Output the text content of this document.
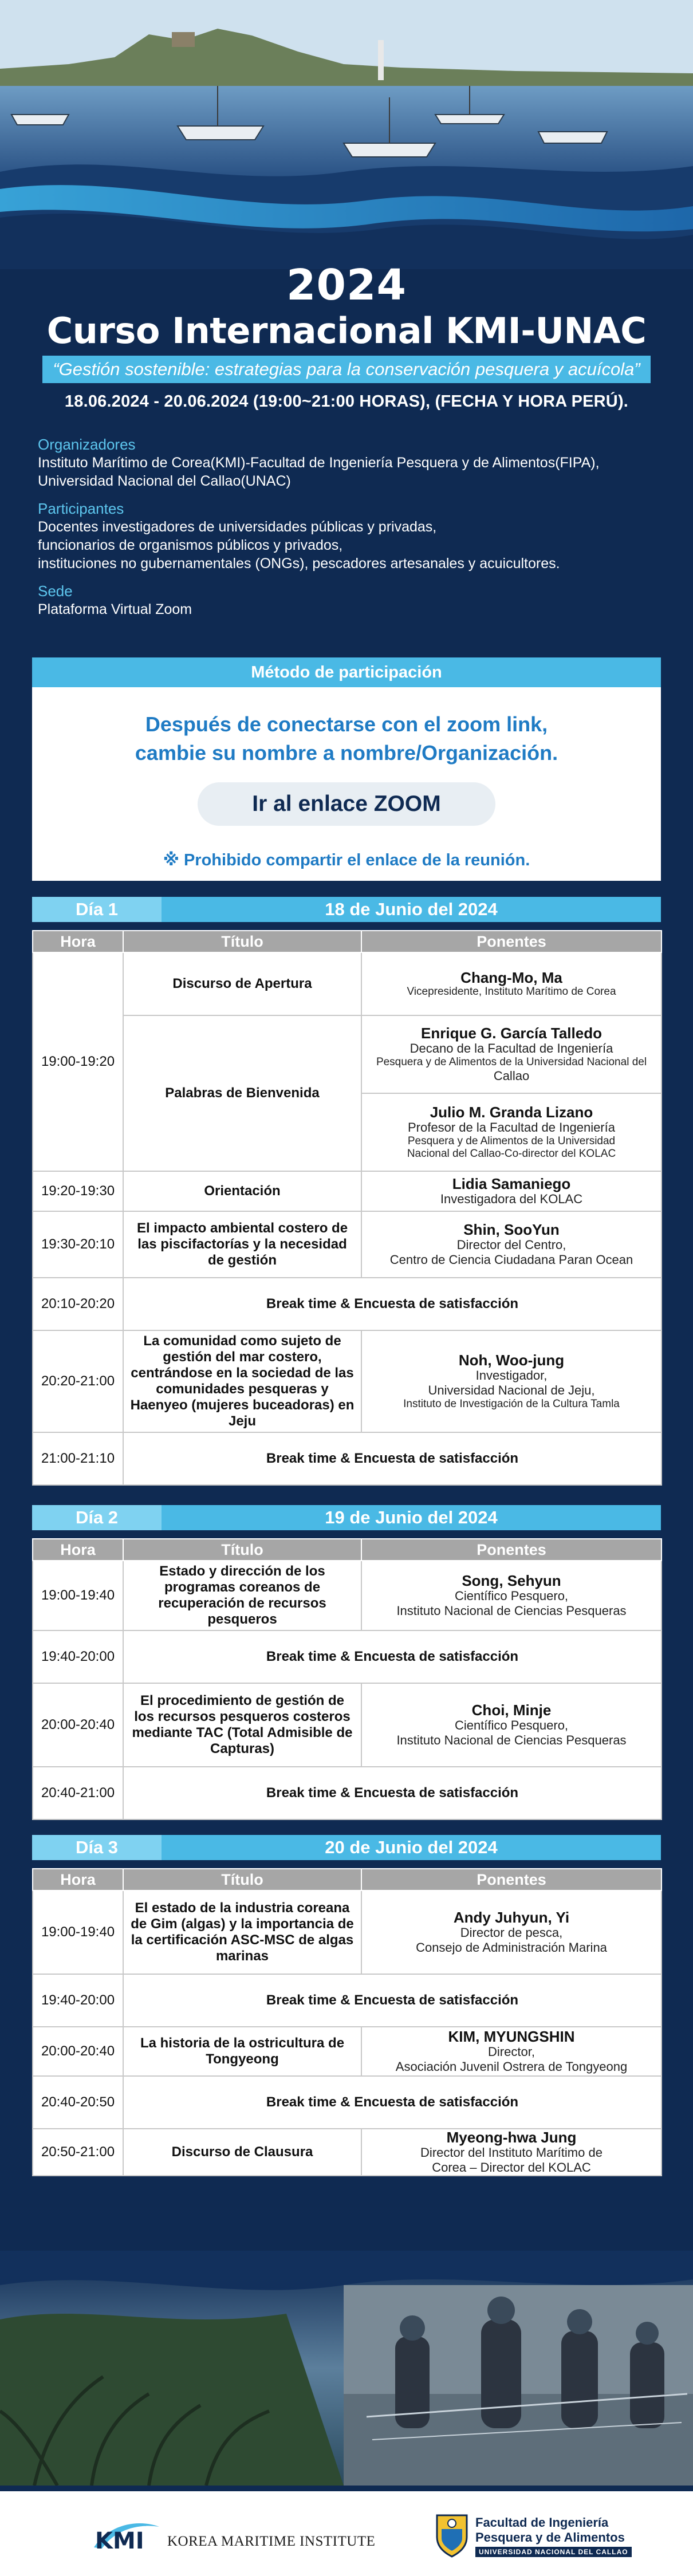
2024
Curso Internacional KMI-UNAC
“Gestión sostenible: estrategias para la conservación pesquera y acuícola”
18.06.2024 - 20.06.2024 (19:00~21:00 HORAS), (FECHA Y HORA PERÚ).
Organizadores
Instituto Marítimo de Corea(KMI)-Facultad de Ingeniería Pesquera y de Alimentos(FIPA),
Universidad Nacional del Callao(UNAC)
Participantes
Docentes investigadores de universidades públicas y privadas,
funcionarios de organismos públicos y privados,
instituciones no gubernamentales (ONGs), pescadores artesanales y acuicultores.
Sede
Plataforma Virtual Zoom
Método de participación
Después de conectarse con el zoom link,
cambie su nombre a nombre/Organización.
Ir al enlace ZOOM
※ Prohibido compartir el enlace de la reunión.
Día 1	18 de Junio del 2024
Hora	Título	Ponentes
19:00-19:20	Discurso de Apertura	Chang-Mo, Ma
Vicepresidente, Instituto Marítimo de Corea

	Palabras de Bienvenida	Enrique G. García Talledo
Decano de la Facultad de Ingeniería
Pesquera y de Alimentos de la Universidad Nacional del
Callao

		Julio M. Granda Lizano
Profesor de la Facultad de Ingeniería
Pesquera y de Alimentos de la Universidad
Nacional del Callao-Co-director del KOLAC

19:20-19:30	Orientación	Lidia Samaniego
Investigadora del KOLAC

19:30-20:10	El impacto ambiental costero de las piscifactorías y la necesidad de gestión	Shin, SooYun
Director del Centro,
Centro de Ciencia Ciudadana Paran Ocean

20:10-20:20	Break time & Encuesta de satisfacción	
20:20-21:00	La comunidad como sujeto de gestión del mar costero, centrándose en la sociedad de las comunidades pesqueras y Haenyeo (mujeres buceadoras) en Jeju	Noh, Woo-jung
Investigador,
Universidad Nacional de Jeju,
Instituto de Investigación de la Cultura Tamla

21:00-21:10	Break time & Encuesta de satisfacción	
Día 2	19 de Junio del 2024
Hora	Título	Ponentes
19:00-19:40	Estado y dirección de los programas coreanos de recuperación de recursos pesqueros	Song, Sehyun
Científico Pesquero,
Instituto Nacional de Ciencias Pesqueras

19:40-20:00	Break time & Encuesta de satisfacción	
20:00-20:40	El procedimiento de gestión de los recursos pesqueros costeros mediante TAC (Total Admisible de Capturas)	Choi, Minje
Científico Pesquero,
Instituto Nacional de Ciencias Pesqueras

20:40-21:00	Break time & Encuesta de satisfacción	
Día 3	20 de Junio del 2024
Hora	Título	Ponentes
19:00-19:40	El estado de la industria coreana de Gim (algas) y la importancia de la certificación ASC-MSC de algas marinas	Andy Juhyun, Yi
Director de pesca,
Consejo de Administración Marina

19:40-20:00	Break time & Encuesta de satisfacción	
20:00-20:40	La historia de la ostricultura de Tongyeong	KIM, MYUNGSHIN
Director,
Asociación Juvenil Ostrera de Tongyeong

20:40-20:50	Break time & Encuesta de satisfacción	
20:50-21:00	Discurso de Clausura	Myeong-hwa Jung
Director del Instituto Marítimo de
Corea – Director del KOLAC
KMI KOREA MARITIME INSTITUTE
Facultad de Ingeniería
Pesquera y de Alimentos
UNIVERSIDAD NACIONAL DEL CALLAO
